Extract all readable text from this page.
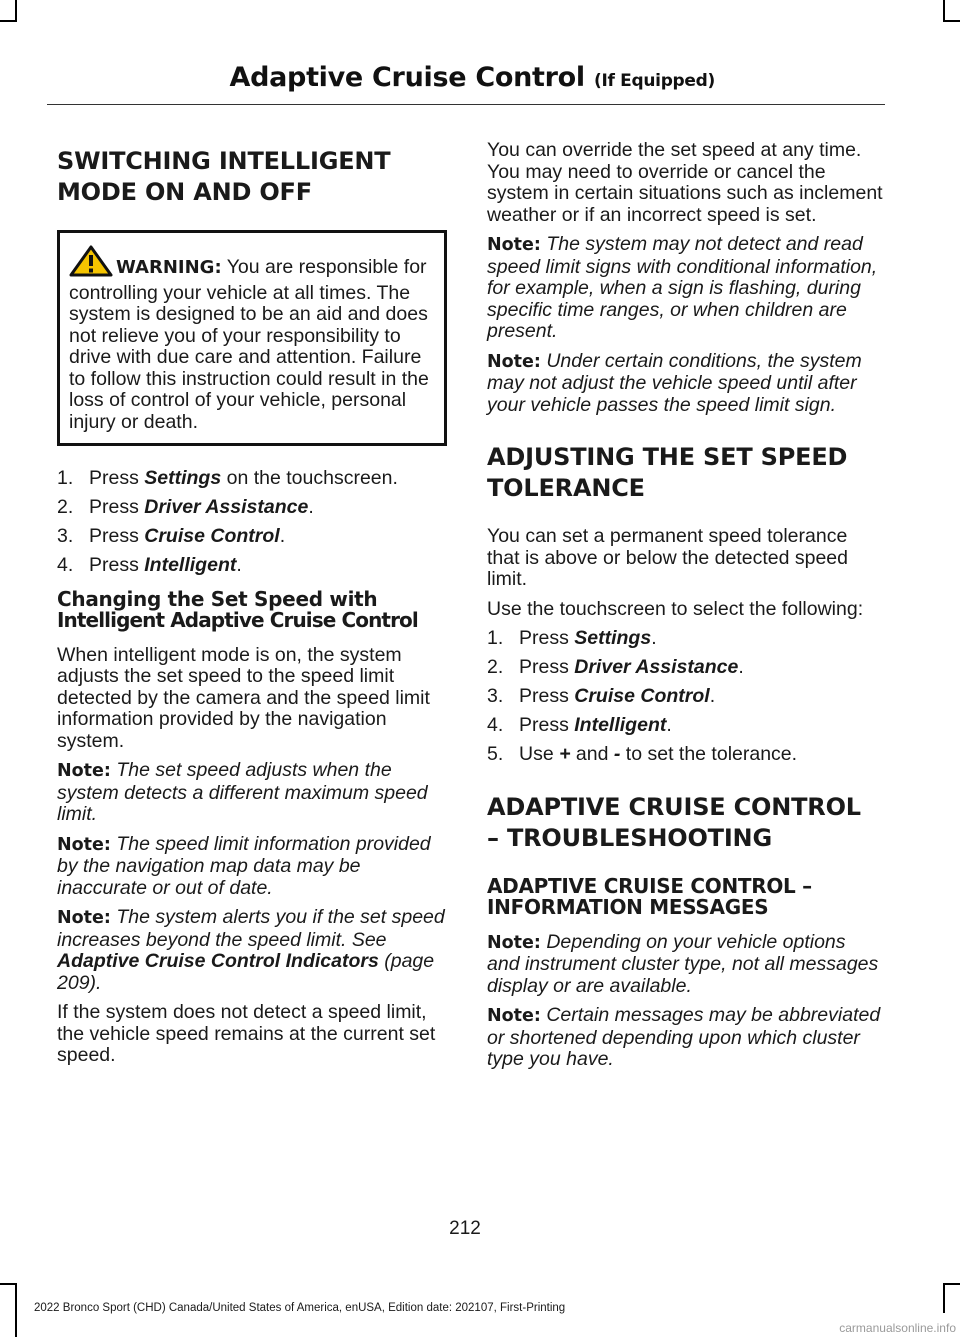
Adaptive Cruise Control (If Equipped)
SWITCHING INTELLIGENT
MODE ON AND OFF

WARNING: You are responsible for controlling your vehicle at all times. The system is designed to be an aid and does not relieve you of your responsibility to drive with due care and attention. Failure to follow this instruction could result in the loss of control of your vehicle, personal injury or death.

1. Press Settings on the touchscreen.
2. Press Driver Assistance.
3. Press Cruise Control.
4. Press Intelligent.
Changing the Set Speed with
Intelligent Adaptive Cruise Control

When intelligent mode is on, the system adjusts the set speed to the speed limit detected by the camera and the speed limit information provided by the navigation system.

Note: The set speed adjusts when the system detects a different maximum speed limit.

Note: The speed limit information provided by the navigation map data may be inaccurate or out of date.

Note: The system alerts you if the set speed increases beyond the speed limit. See Adaptive Cruise Control Indicators (page 209).

If the system does not detect a speed limit, the vehicle speed remains at the current set speed.

You can override the set speed at any time. You may need to override or cancel the system in certain situations such as inclement weather or if an incorrect speed is set.

Note: The system may not detect and read speed limit signs with conditional information, for example, when a sign is flashing, during specific time ranges, or when children are present.

Note: Under certain conditions, the system may not adjust the vehicle speed until after your vehicle passes the speed limit sign.

ADJUSTING THE SET SPEED
TOLERANCE

You can set a permanent speed tolerance that is above or below the detected speed limit.

Use the touchscreen to select the following:

1. Press Settings.
2. Press Driver Assistance.
3. Press Cruise Control.
4. Press Intelligent.
5. Use + and - to set the tolerance.
ADAPTIVE CRUISE CONTROL
– TROUBLESHOOTING
ADAPTIVE CRUISE CONTROL –
INFORMATION MESSAGES

Note: Depending on your vehicle options and instrument cluster type, not all messages display or are available.

Note: Certain messages may be abbreviated or shortened depending upon which cluster type you have.

212
2022 Bronco Sport (CHD) Canada/United States of America, enUSA, Edition date: 202107, First-Printing
carmanualsonline.info
